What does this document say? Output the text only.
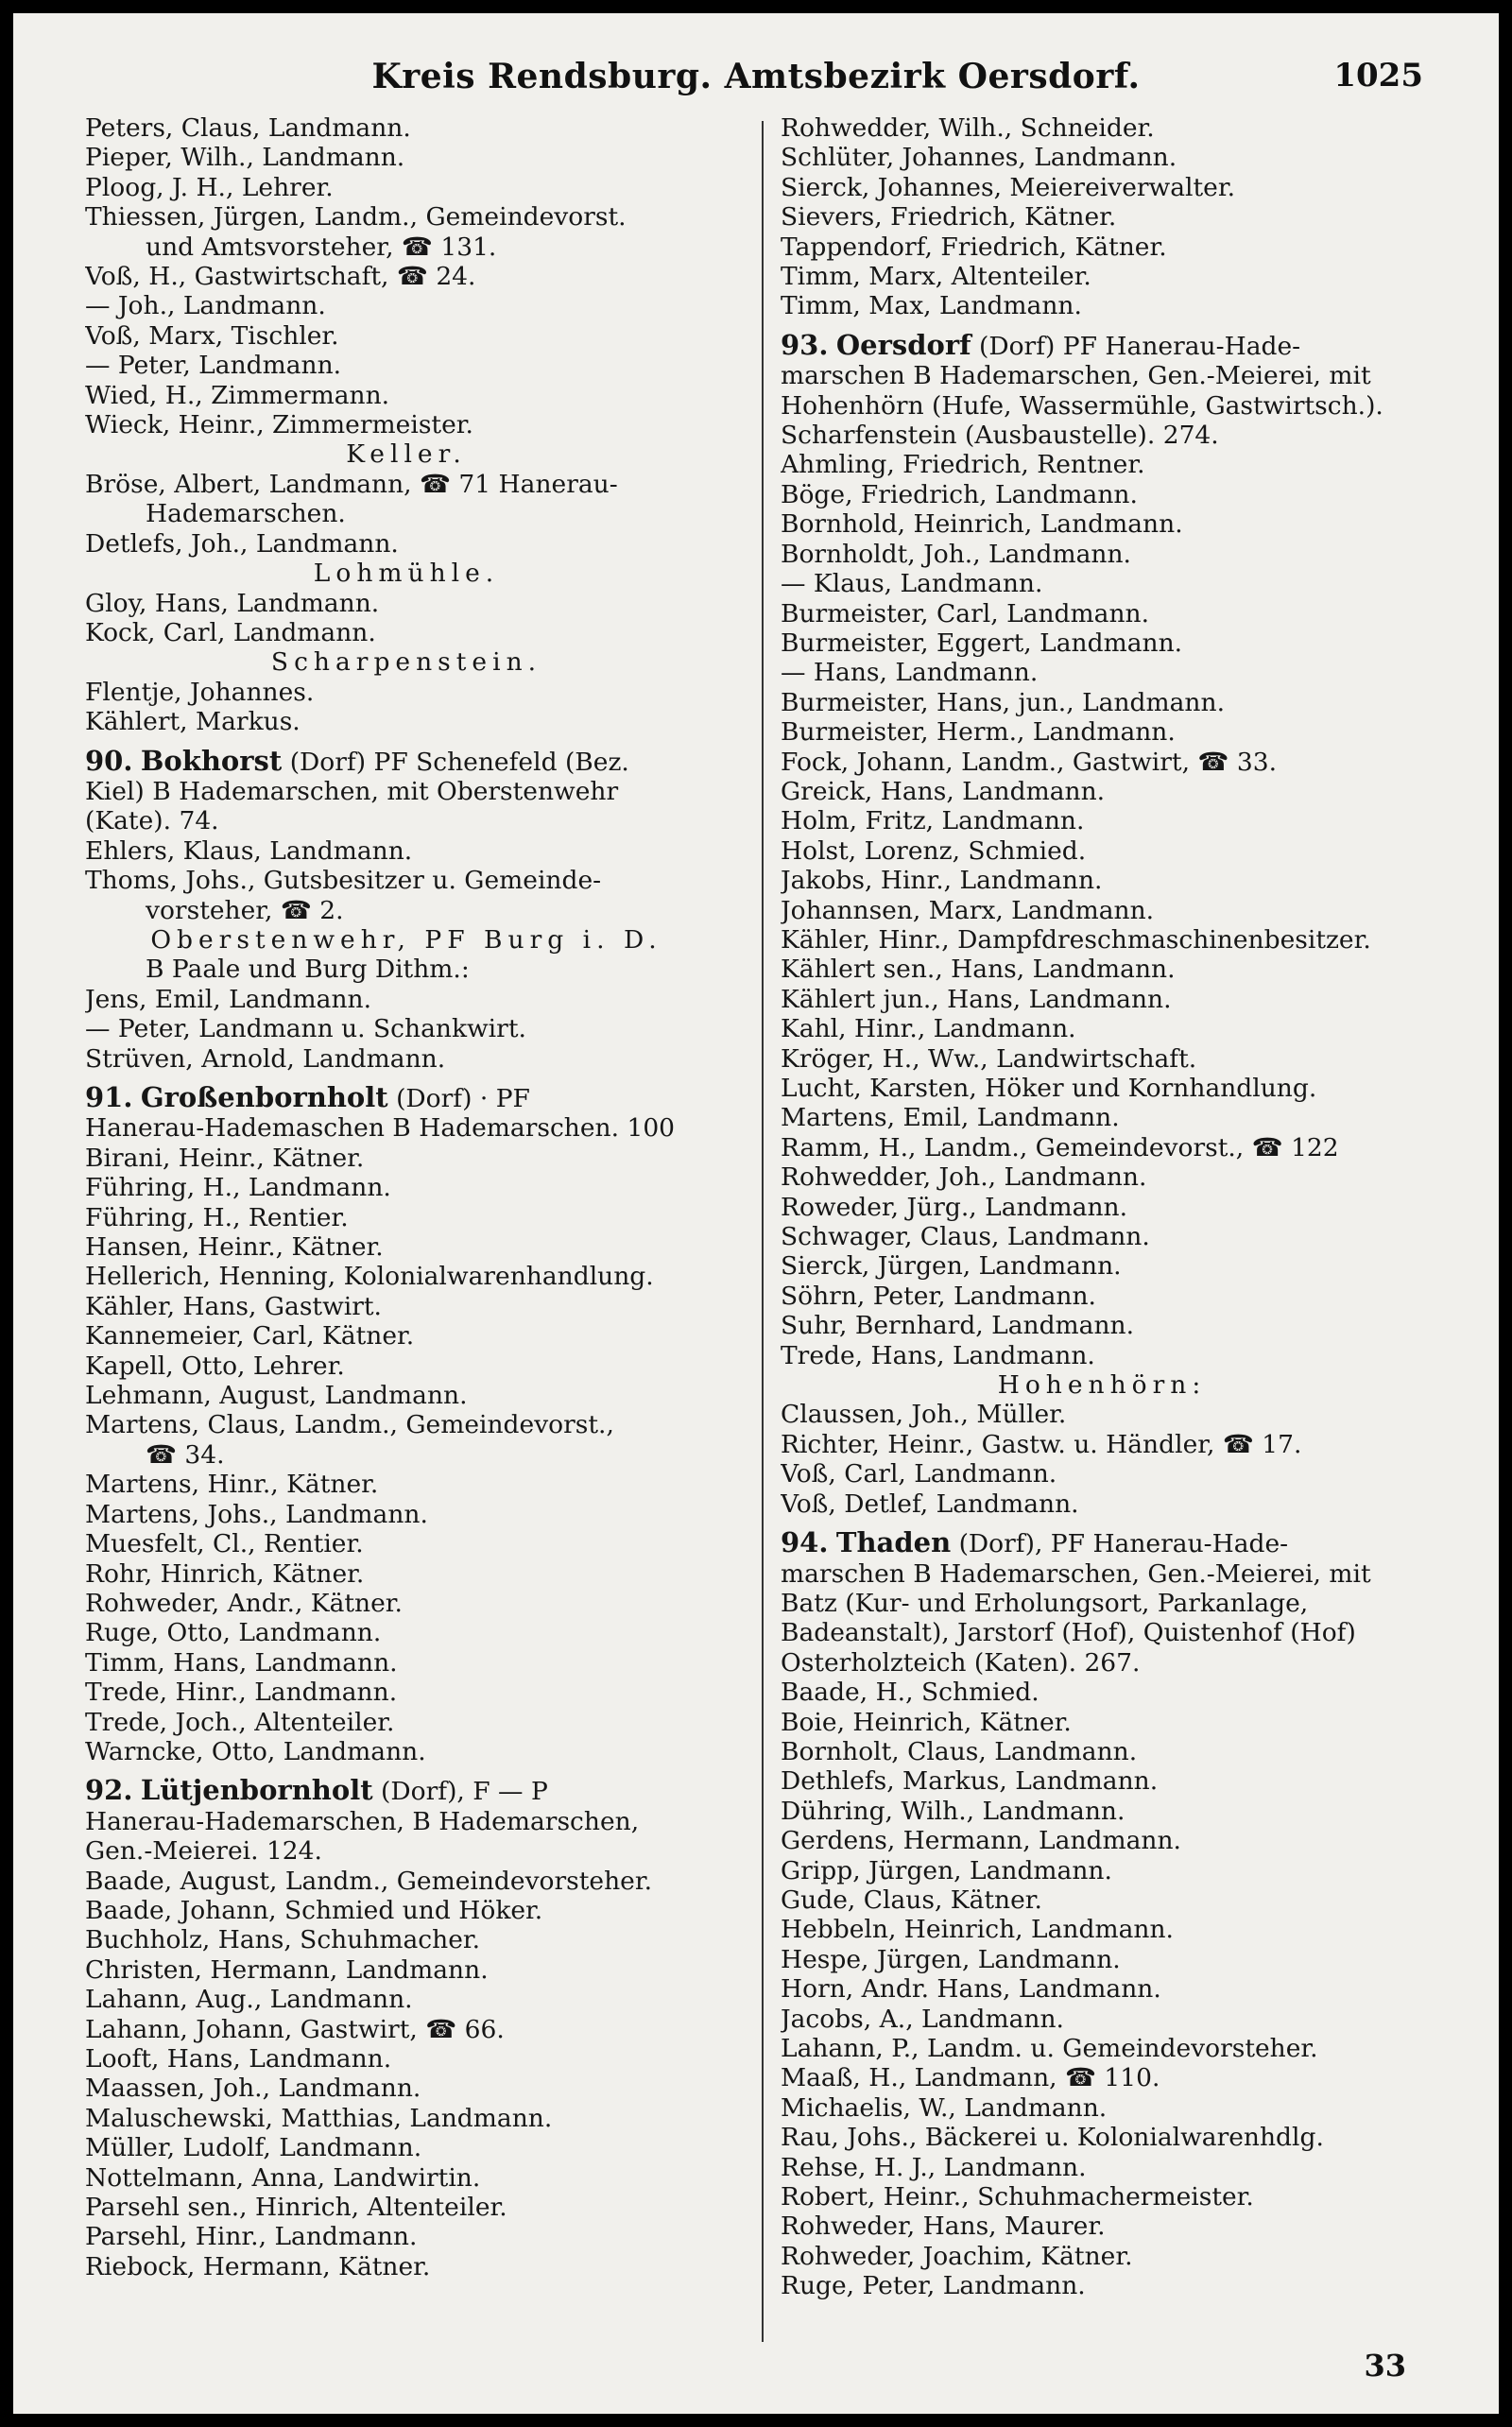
Kreis Rendsburg. Amtsbezirk Oersdorf.	1025
Peters, Claus, Landmann.
Pieper, Wilh., Landmann.
Ploog, J. H., Lehrer.
Thiessen, Jürgen, Landm., Gemeindevorst.
und Amtsvorsteher, ☎ 131.
Voß, H., Gastwirtschaft, ☎ 24.
— Joh., Landmann.
Voß, Marx, Tischler.
— Peter, Landmann.
Wied, H., Zimmermann.
Wieck, Heinr., Zimmermeister.
Keller.
Bröse, Albert, Landmann, ☎ 71 Hanerau-
Hademarschen.
Detlefs, Joh., Landmann.
Lohmühle.
Gloy, Hans, Landmann.
Kock, Carl, Landmann.
Scharpenstein.
Flentje, Johannes.
Kählert, Markus.
90. Bokhorst (Dorf) PF Schenefeld (Bez.
Kiel) B Hademarschen, mit Oberstenwehr
(Kate). 74.
Ehlers, Klaus, Landmann.
Thoms, Johs., Gutsbesitzer u. Gemeinde-
vorsteher, ☎ 2.
Oberstenwehr, PF Burg i. D.
B Paale und Burg Dithm.:
Jens, Emil, Landmann.
— Peter, Landmann u. Schankwirt.
Strüven, Arnold, Landmann.
91. Großenbornholt (Dorf) · PF
Hanerau-Hademaschen B Hademarschen. 100
Birani, Heinr., Kätner.
Führing, H., Landmann.
Führing, H., Rentier.
Hansen, Heinr., Kätner.
Hellerich, Henning, Kolonialwarenhandlung.
Kähler, Hans, Gastwirt.
Kannemeier, Carl, Kätner.
Kapell, Otto, Lehrer.
Lehmann, August, Landmann.
Martens, Claus, Landm., Gemeindevorst.,
☎ 34.
Martens, Hinr., Kätner.
Martens, Johs., Landmann.
Muesfelt, Cl., Rentier.
Rohr, Hinrich, Kätner.
Rohweder, Andr., Kätner.
Ruge, Otto, Landmann.
Timm, Hans, Landmann.
Trede, Hinr., Landmann.
Trede, Joch., Altenteiler.
Warncke, Otto, Landmann.
92. Lütjenbornholt (Dorf), F — P
Hanerau-Hademarschen, B Hademarschen,
Gen.-Meierei. 124.
Baade, August, Landm., Gemeindevorsteher.
Baade, Johann, Schmied und Höker.
Buchholz, Hans, Schuhmacher.
Christen, Hermann, Landmann.
Lahann, Aug., Landmann.
Lahann, Johann, Gastwirt, ☎ 66.
Looft, Hans, Landmann.
Maassen, Joh., Landmann.
Maluschewski, Matthias, Landmann.
Müller, Ludolf, Landmann.
Nottelmann, Anna, Landwirtin.
Parsehl sen., Hinrich, Altenteiler.
Parsehl, Hinr., Landmann.
Riebock, Hermann, Kätner.
Rohwedder, Wilh., Schneider.
Schlüter, Johannes, Landmann.
Sierck, Johannes, Meiereiverwalter.
Sievers, Friedrich, Kätner.
Tappendorf, Friedrich, Kätner.
Timm, Marx, Altenteiler.
Timm, Max, Landmann.
93. Oersdorf (Dorf) PF Hanerau-Hade-
marschen B Hademarschen, Gen.-Meierei, mit
Hohenhörn (Hufe, Wassermühle, Gastwirtsch.).
Scharfenstein (Ausbaustelle). 274.
Ahmling, Friedrich, Rentner.
Böge, Friedrich, Landmann.
Bornhold, Heinrich, Landmann.
Bornholdt, Joh., Landmann.
— Klaus, Landmann.
Burmeister, Carl, Landmann.
Burmeister, Eggert, Landmann.
— Hans, Landmann.
Burmeister, Hans, jun., Landmann.
Burmeister, Herm., Landmann.
Fock, Johann, Landm., Gastwirt, ☎ 33.
Greick, Hans, Landmann.
Holm, Fritz, Landmann.
Holst, Lorenz, Schmied.
Jakobs, Hinr., Landmann.
Johannsen, Marx, Landmann.
Kähler, Hinr., Dampfdreschmaschinenbesitzer.
Kählert sen., Hans, Landmann.
Kählert jun., Hans, Landmann.
Kahl, Hinr., Landmann.
Kröger, H., Ww., Landwirtschaft.
Lucht, Karsten, Höker und Kornhandlung.
Martens, Emil, Landmann.
Ramm, H., Landm., Gemeindevorst., ☎ 122
Rohwedder, Joh., Landmann.
Roweder, Jürg., Landmann.
Schwager, Claus, Landmann.
Sierck, Jürgen, Landmann.
Söhrn, Peter, Landmann.
Suhr, Bernhard, Landmann.
Trede, Hans, Landmann.
Hohenhörn:
Claussen, Joh., Müller.
Richter, Heinr., Gastw. u. Händler, ☎ 17.
Voß, Carl, Landmann.
Voß, Detlef, Landmann.
94. Thaden (Dorf), PF Hanerau-Hade-
marschen B Hademarschen, Gen.-Meierei, mit
Batz (Kur- und Erholungsort, Parkanlage,
Badeanstalt), Jarstorf (Hof), Quistenhof (Hof)
Osterholzteich (Katen). 267.
Baade, H., Schmied.
Boie, Heinrich, Kätner.
Bornholt, Claus, Landmann.
Dethlefs, Markus, Landmann.
Dühring, Wilh., Landmann.
Gerdens, Hermann, Landmann.
Gripp, Jürgen, Landmann.
Gude, Claus, Kätner.
Hebbeln, Heinrich, Landmann.
Hespe, Jürgen, Landmann.
Horn, Andr. Hans, Landmann.
Jacobs, A., Landmann.
Lahann, P., Landm. u. Gemeindevorsteher.
Maaß, H., Landmann, ☎ 110.
Michaelis, W., Landmann.
Rau, Johs., Bäckerei u. Kolonialwarenhdlg.
Rehse, H. J., Landmann.
Robert, Heinr., Schuhmachermeister.
Rohweder, Hans, Maurer.
Rohweder, Joachim, Kätner.
Ruge, Peter, Landmann.
33
